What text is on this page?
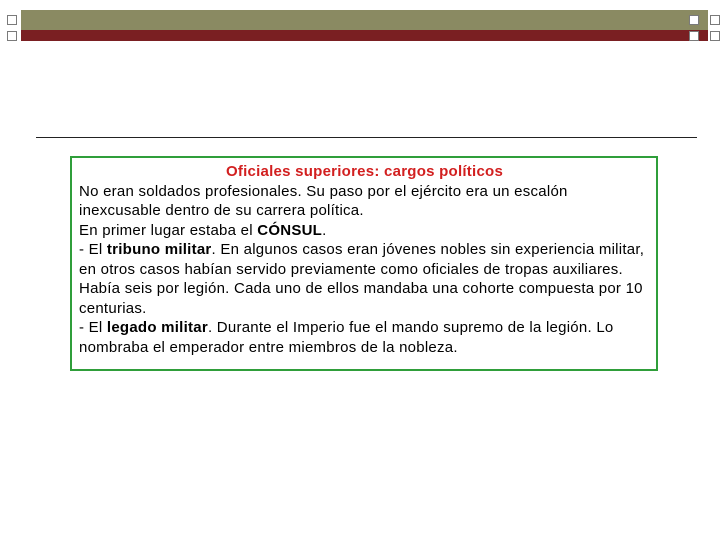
Oficiales superiores: cargos políticos

No eran soldados profesionales. Su paso por el ejército era un escalón inexcusable dentro de su carrera política.

En primer lugar estaba el CÓNSUL.

- El tribuno militar. En algunos casos eran jóvenes nobles sin experiencia militar, en otros casos habían servido previamente como oficiales de tropas auxiliares. Había seis por legión. Cada uno de ellos mandaba una cohorte compuesta por 10 centurias.

- El legado militar. Durante el Imperio fue el mando supremo de la legión. Lo nombraba el emperador entre miembros de la nobleza.
